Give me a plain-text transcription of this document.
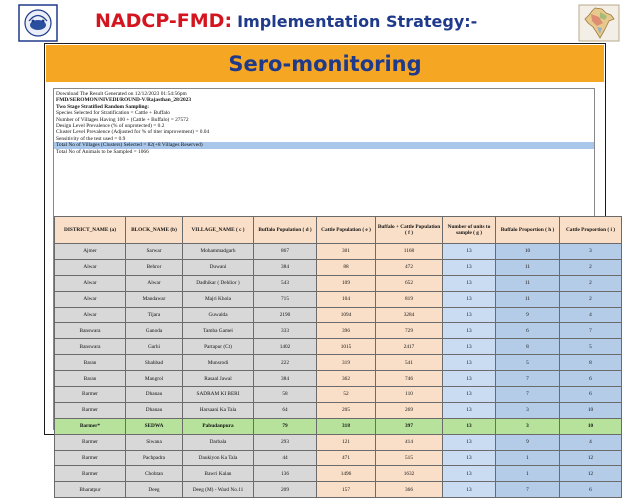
NADCP-FMD: Implementation Strategy:-
Sero-monitoring
Download The Result Generated on 12/12/2023 01:54:56pm
FMD/SEROMON/NIVEDI/ROUND-V/Rajasthan_28/2023
Two Stage Stratified Random Sampling:
Species Selected for Stratification = Cattle + Buffalo
Number of Villages Having 100 + (Cattle + Buffalo) = 27572
Design Level Prevalence (% of unprotected) = 0.2
Cluster Level Prevalence (Adjusted for % of titer improvement) = 0.04
Sensitivity of the test used = 0.9
Total No of Villages (Clusters) Selected = 82(+8 Villages Reserved)
Total No of Animals to be Sampled = 1066
DISTRICT_NAME (a)	BLOCK_NAME (b)	VILLAGE_NAME ( c )	Buffalo Population ( d )	Cattle Population ( e )	Buffalo + Cattle Population ( f )	Number of units to sample ( g )	Buffalo Proportion ( h )	Cattle Proportion ( i )
Ajmer	Sarwar	Mohammadgarh	867	301	1168	13	10	3
Alwar	Behror	Duwani	384	88	472	13	11	2
Alwar	Alwar	Dadhikar ( Dehlior )	543	109	652	13	11	2
Alwar	Mandawar	Majri Khola	715	104	819	13	11	2
Alwar	Tijara	Guwalda	2190	1094	3284	13	9	4
Banswara	Ganoda	Tamba Gamei	333	396	729	13	6	7
Banswara	Garhi	Partapur (Ct)	1402	1015	2417	13	8	5
Baran	Shahbad	Munsrodi	222	319	541	13	5	8
Baran	Mangrol	Rasaal Jawal	384	362	746	13	7	6
Barmer	Dhanau	SADRAM KI BERI	58	52	110	13	7	6
Barmer	Dhanau	Harsaani Ka Tala	64	205	269	13	3	10
Barmer*	SEDWA	Pabudanpura	79	318	397	13	3	10
Barmer	Siwana	Darbala	293	121	414	13	9	4
Barmer	Pachpadra	Daukiyon Ka Tala	44	471	515	13	1	12
Barmer	Chohtan	Bawri Kalan	136	1496	1632	13	1	12
Bharatpur	Deeg	Deeg (M) - Ward No.11	209	157	366	13	7	6
